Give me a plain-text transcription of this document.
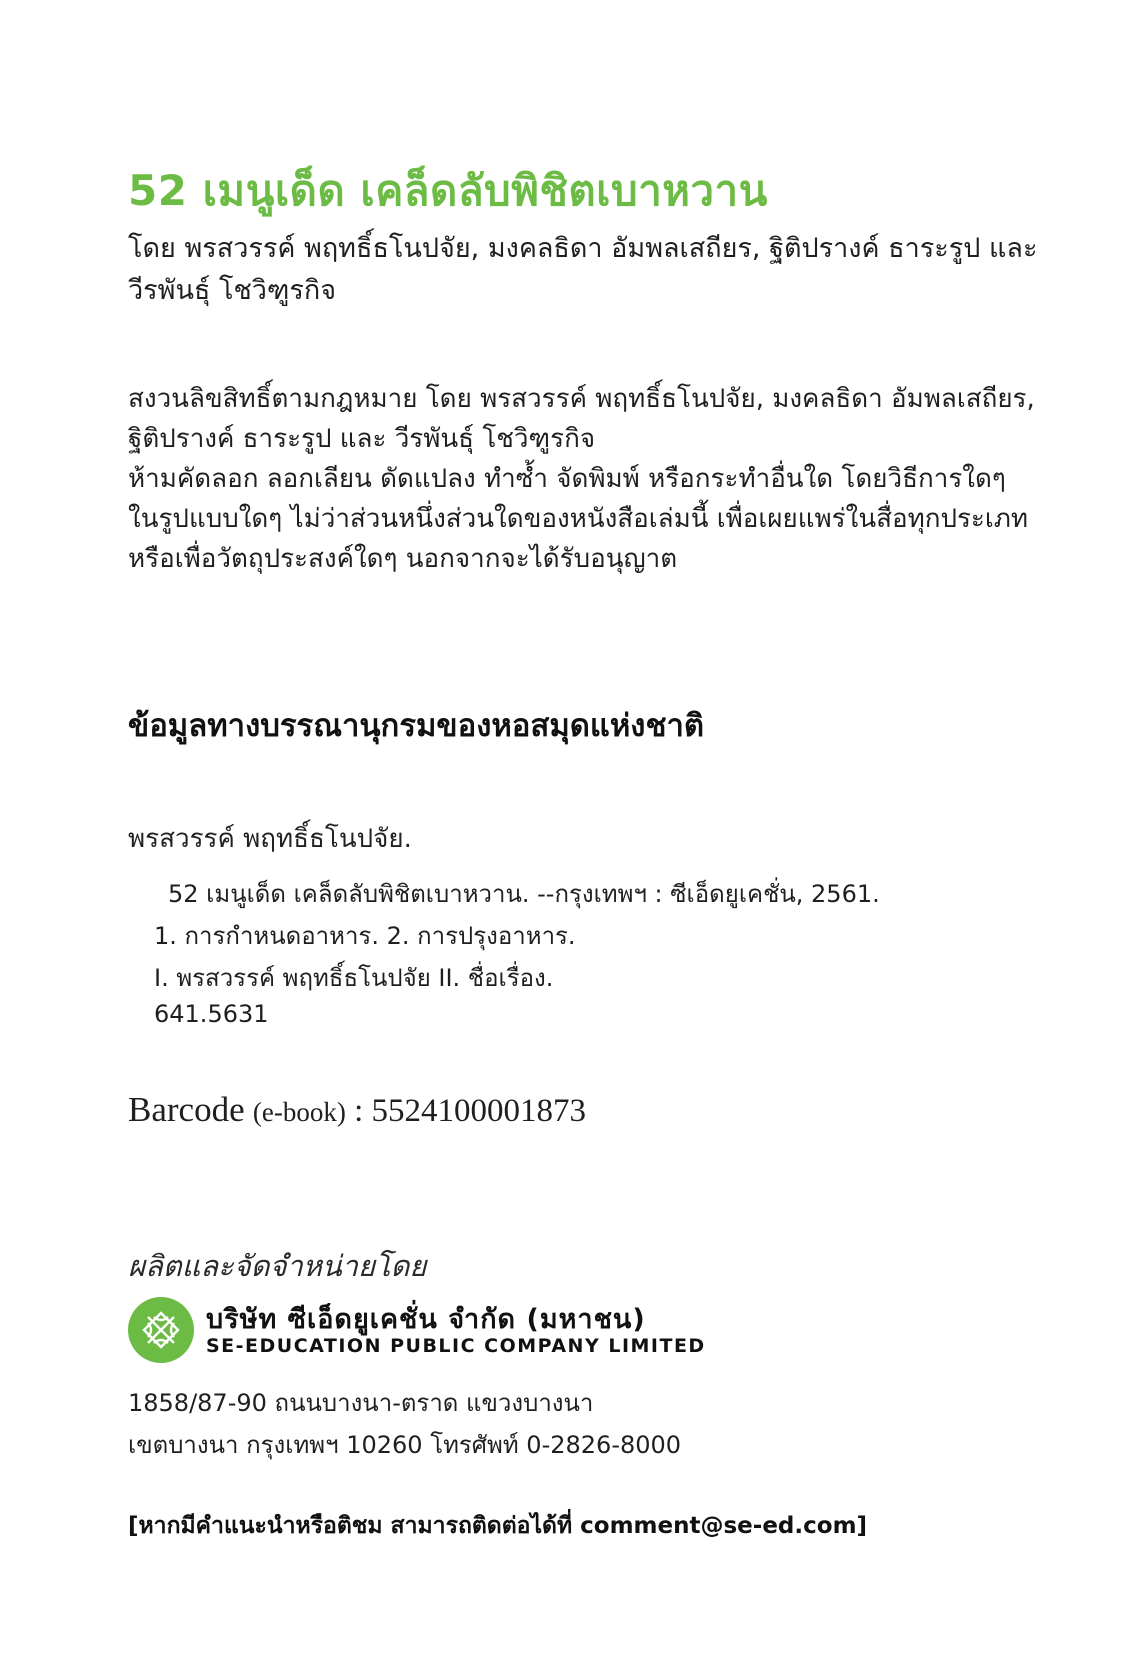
52 เมนูเด็ด เคล็ดลับพิชิตเบาหวาน
โดย พรสวรรค์ พฤทธิ์ธโนปจัย, มงคลธิดา อัมพลเสถียร, ฐิติปรางค์ ธาระรูป และ
วีรพันธุ์ โชวิฑูรกิจ
สงวนลิขสิทธิ์ตามกฎหมาย โดย พรสวรรค์ พฤทธิ์ธโนปจัย, มงคลธิดา อัมพลเสถียร,
ฐิติปรางค์ ธาระรูป และ วีรพันธุ์ โชวิฑูรกิจ
ห้ามคัดลอก ลอกเลียน ดัดแปลง ทำซ้ำ จัดพิมพ์ หรือกระทำอื่นใด โดยวิธีการใดๆ
ในรูปแบบใดๆ ไม่ว่าส่วนหนึ่งส่วนใดของหนังสือเล่มนี้ เพื่อเผยแพร่ในสื่อทุกประเภท
หรือเพื่อวัตถุประสงค์ใดๆ นอกจากจะได้รับอนุญาต
ข้อมูลทางบรรณานุกรมของหอสมุดแห่งชาติ
พรสวรรค์ พฤทธิ์ธโนปจัย.
52 เมนูเด็ด เคล็ดลับพิชิตเบาหวาน. --กรุงเทพฯ : ซีเอ็ดยูเคชั่น, 2561.
1. การกำหนดอาหาร. 2. การปรุงอาหาร.
I. พรสวรรค์ พฤทธิ์ธโนปจัย II. ชื่อเรื่อง.
641.5631
Barcode (e-book) : 5524100001873
ผลิตและจัดจำหน่ายโดย
บริษัท ซีเอ็ดยูเคชั่น จำกัด (มหาชน)
SE-EDUCATION PUBLIC COMPANY LIMITED
1858/87-90 ถนนบางนา-ตราด แขวงบางนา
เขตบางนา กรุงเทพฯ 10260 โทรศัพท์ 0-2826-8000
[หากมีคำแนะนำหรือติชม สามารถติดต่อได้ที่ comment@se-ed.com]
